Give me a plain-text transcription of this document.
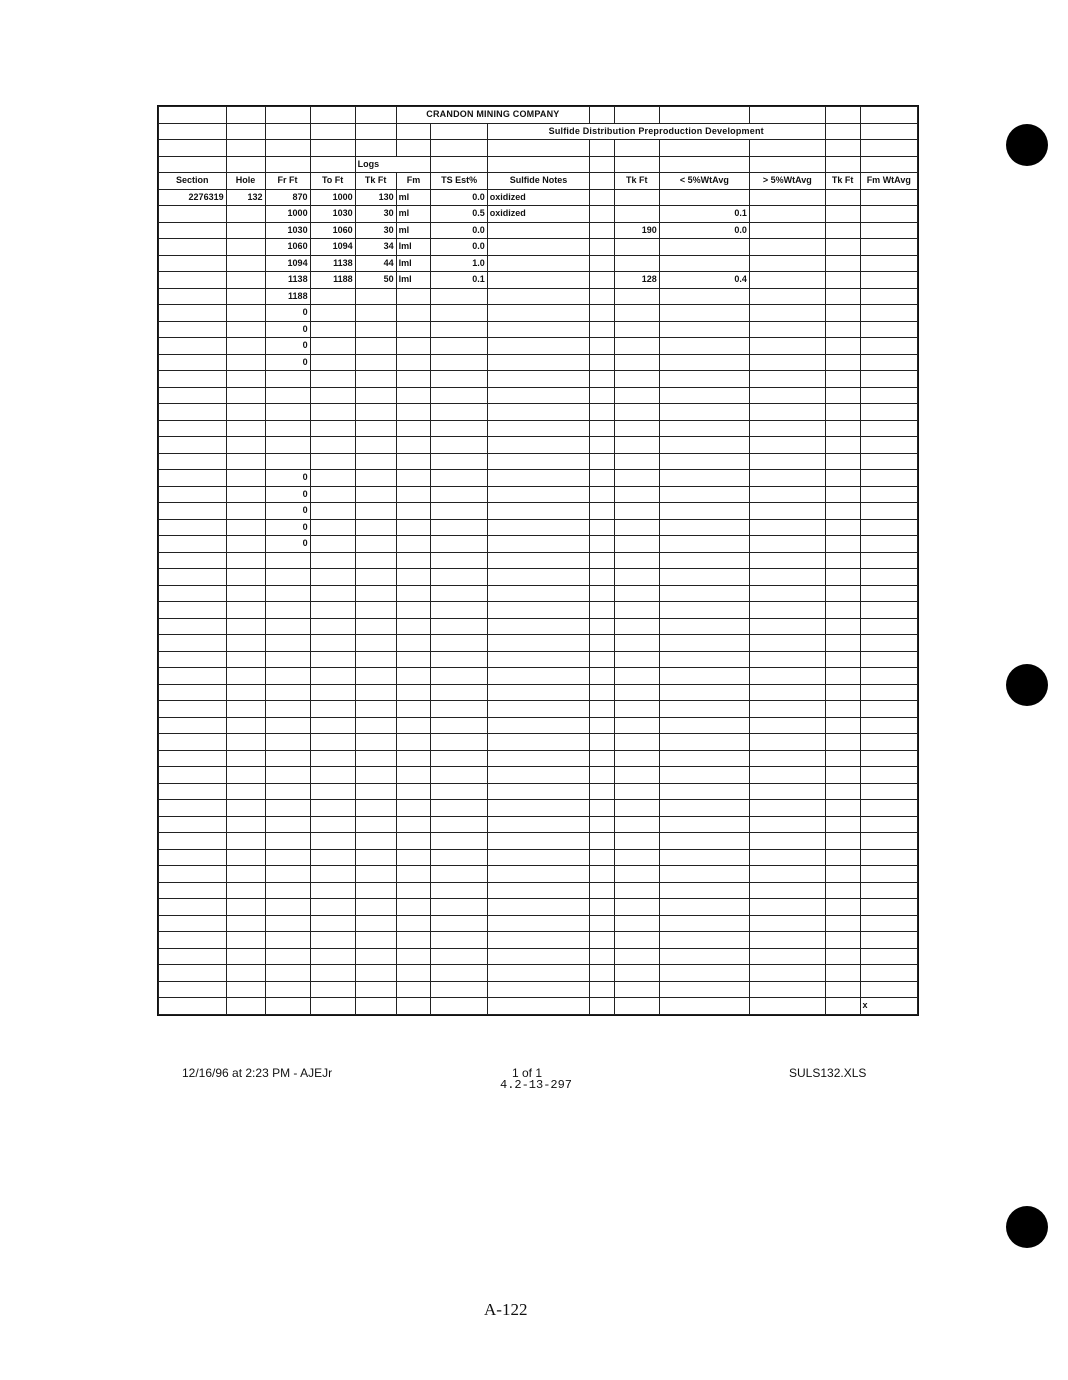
					CRANDON MINING COMPANY								
							Sulfide Distribution Preproduction Development						

				Logs									
Section	Hole	Fr Ft	To Ft	Tk Ft	Fm	TS Est%	Sulfide Notes		Tk Ft	< 5%WtAvg	> 5%WtAvg	Tk Ft	Fm WtAvg
2276319	132	870	1000	130	ml	0.0	oxidized						
		1000	1030	30	ml	0.5	oxidized			0.1			
		1030	1060	30	ml	0.0			190	0.0			
		1060	1094	34	lml	0.0							
		1094	1138	44	lml	1.0							
		1138	1188	50	lml	0.1			128	0.4			
		1188											
		0											
		0											
		0											
		0											

		0											
		0											
		0											
		0											
		0											

													x
12/16/96 at 2:23 PM - AJEJr	1 of 1	SULS132.XLS
4.2-13-297
A-122
